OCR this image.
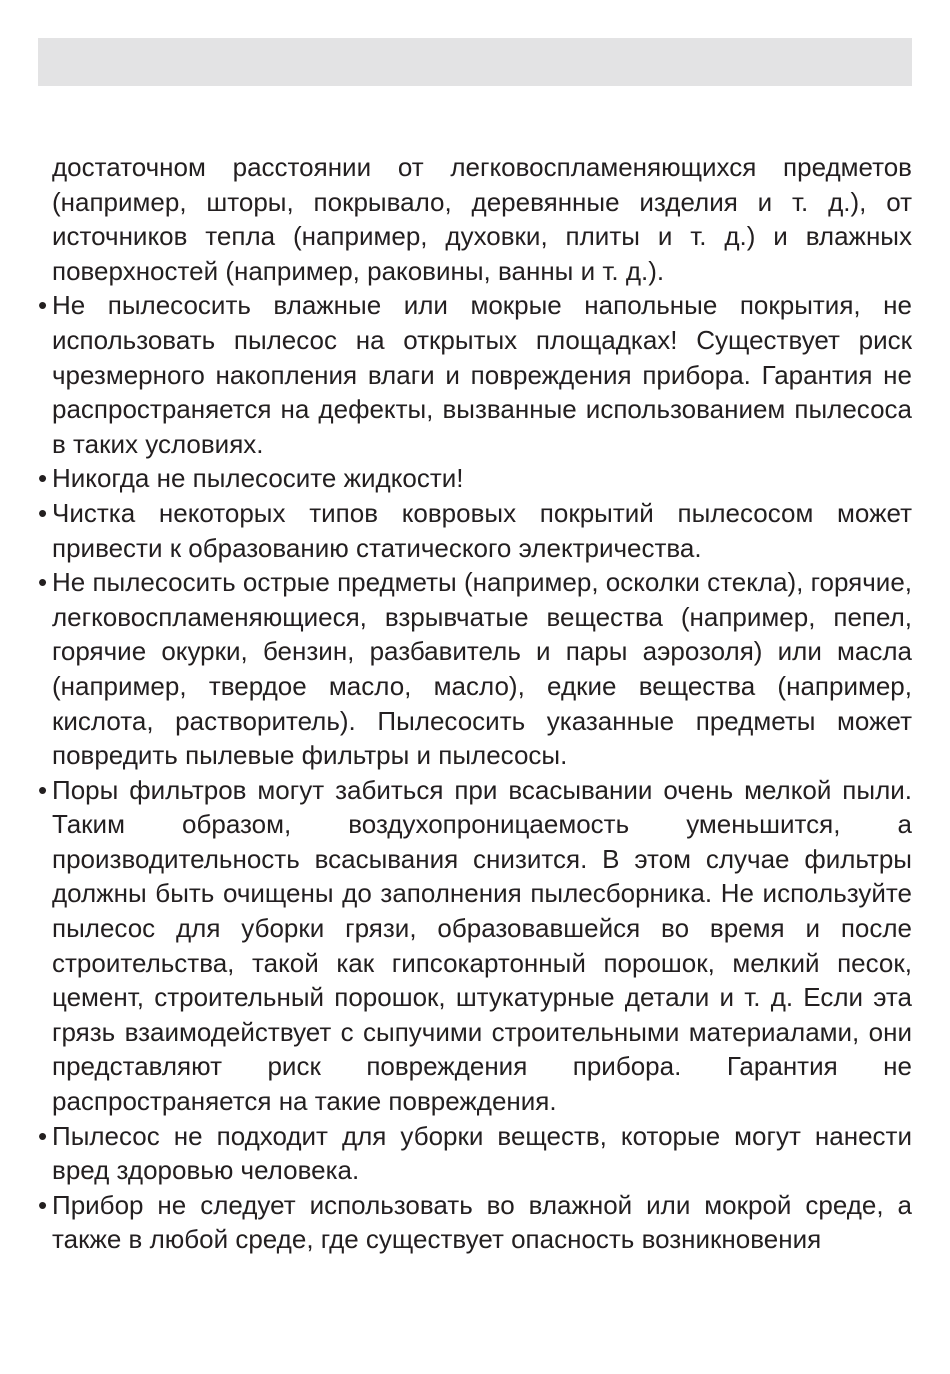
достаточном расстоянии от легковоспламеняющихся предметов (например, шторы, покрывало, деревянные изделия и т. д.), от источников тепла (например, духовки, плиты и т. д.) и влажных поверхностей (например, раковины, ванны и т. д.).

• Не пылесосить влажные или мокрые напольные покрытия, не использовать пылесос на открытых площадках! Существует риск чрезмерного накопления влаги и повреждения прибора. Гарантия не распространяется на дефекты, вызванные использованием пылесоса в таких условиях.
• Никогда не пылесосите жидкости!
• Чистка некоторых типов ковровых покрытий пылесосом может привести к образованию статического электричества.
• Не пылесосить острые предметы (например, осколки стекла), горячие, легковоспламеняющиеся, взрывчатые вещества (например, пепел, горячие окурки, бензин, разбавитель и пары аэрозоля) или масла (например, твердое масло, масло), едкие вещества (например, кислота, растворитель). Пылесосить указанные предметы может повредить пылевые фильтры и пылесосы.
• Поры фильтров могут забиться при всасывании очень мелкой пыли. Таким образом, воздухопроницаемость уменьшится, а производительность всасывания снизится. В этом случае фильтры должны быть очищены до заполнения пылесборника. Не используйте пылесос для уборки грязи, образовавшейся во время и после строительства, такой как гипсокартонный порошок, мелкий песок, цемент, строительный порошок, штукатурные детали и т. д. Если эта грязь взаимодействует с сыпучими строительными материалами, они представляют риск повреждения прибора. Гарантия не распространяется на такие повреждения.
• Пылесос не подходит для уборки веществ, которые могут нанести вред здоровью человека.
• Прибор не следует использовать во влажной или мокрой среде, а также в любой среде, где существует опасность возникновения
